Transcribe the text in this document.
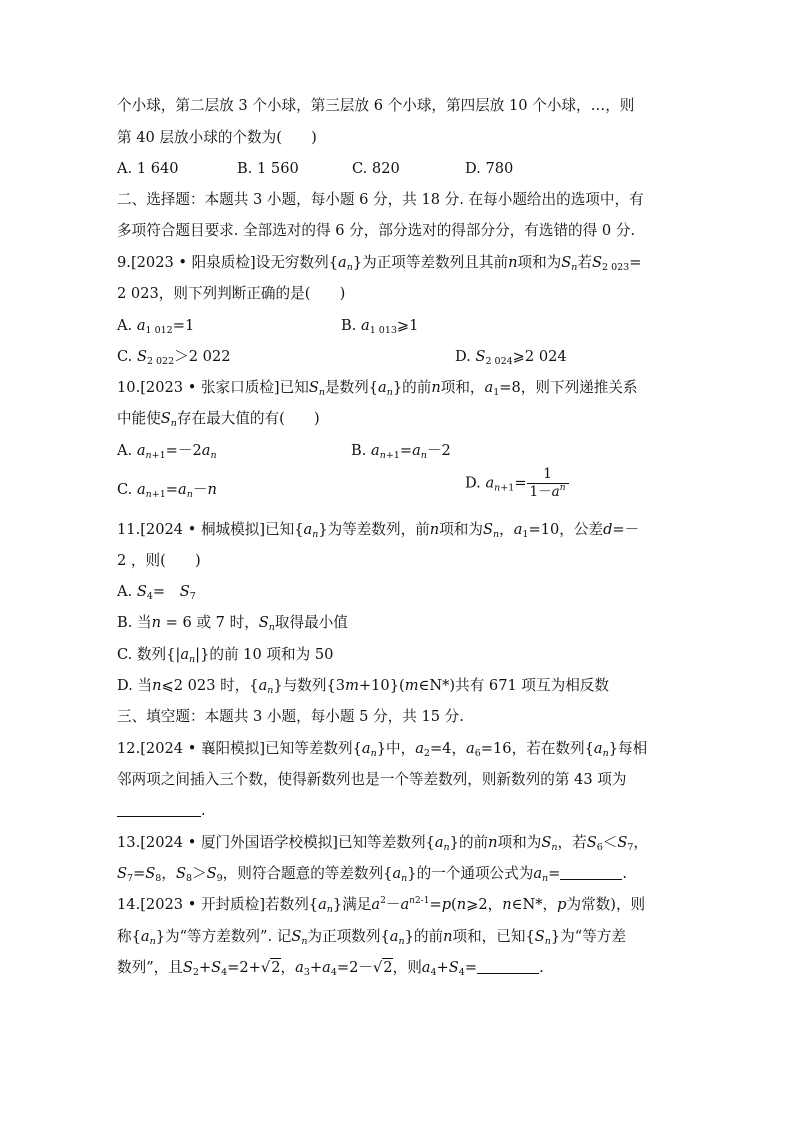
个小球，第二层放 3 个小球，第三层放 6 个小球，第四层放 10 个小球，…，则
第 40 层放小球的个数为(　　)
A. 1 640	B. 1 560	C. 820	D. 780
二、选择题：本题共 3 小题，每小题 6 分，共 18 分. 在每小题给出的选项中，有
多项符合题目要求. 全部选对的得 6 分，部分选对的得部分分，有选错的得 0 分.
9.[2023 • 阳泉质检]设无穷数列$\{a_n\}$为正项等差数列且其前n项和为$S_n$若$S_{2 023}=$
2 023，则下列判断正确的是(　　)
A. $a_{1 012}=1$	B. $a_{1 013}⩾1$
C. $S_{2 022}>2$ 022	D. $S_{2 024}⩾2$ 024
10.[2023 • 张家口质检]已知$S_n$是数列$\{a_n\}$的前n项和，$a_1=8$，则下列递推关系
中能使$S_n$存在最大值的有(　　)
A. $a_{n+1}=-2a_n$	B. $a_{n+1}=a_n-2$
C. $a_{n+1}=a_n-n$	D. $a_{n+1}= \frac{1}{1-a^n}$
11.[2024 • 桐城模拟]已知$\{a_n\}$为等差数列，前n项和为$S_n$，$a_1=10$，公差d=－
2 ，则(　　)
A. $S_4=$　 $S_7$
B. 当n = 6 或 7 时，$S_n$取得最小值
C. 数列$\{|a_n|\}$的前 10 项和为 50
D. 当n⩽2 023 时，$\{a_n\}$与数列{3m+10}(m∈N*)共有 671 项互为相反数
三、填空题：本题共 3 小题，每小题 5 分，共 15 分.
12.[2024 • 襄阳模拟]已知等差数列$\{a_n\}$中，$a_2=4$，$a_6=16$，若在数列$\{a_n\}$每相
邻两项之间插入三个数，使得新数列也是一个等差数列，则新数列的第 43 项为
.
13.[2024 • 厦门外国语学校模拟]已知等差数列$\{a_n\}$的前n项和为$S_n$，若$S_6<S_7$，
$S_7=S_8$，$S_8>S_9$，则符合题意的等差数列$\{a_n\}$的一个通项公式为$a_n=$	.
14.[2023 • 开封质检]若数列$\{a_n\}$满足$a^2-a^{n2-1}=p(n⩾2$，n∈N*，p为常数)，则
称$\{a_n\}$为“等方差数列”. 记$S_n$为正项数列$\{a_n\}$的前n项和，已知$\{S_n\}$为“等方差
数列”，且$S_2+S_4=2+√2$，$a_3+a_4=2-√2$，则$a_4+S_4=$	.
